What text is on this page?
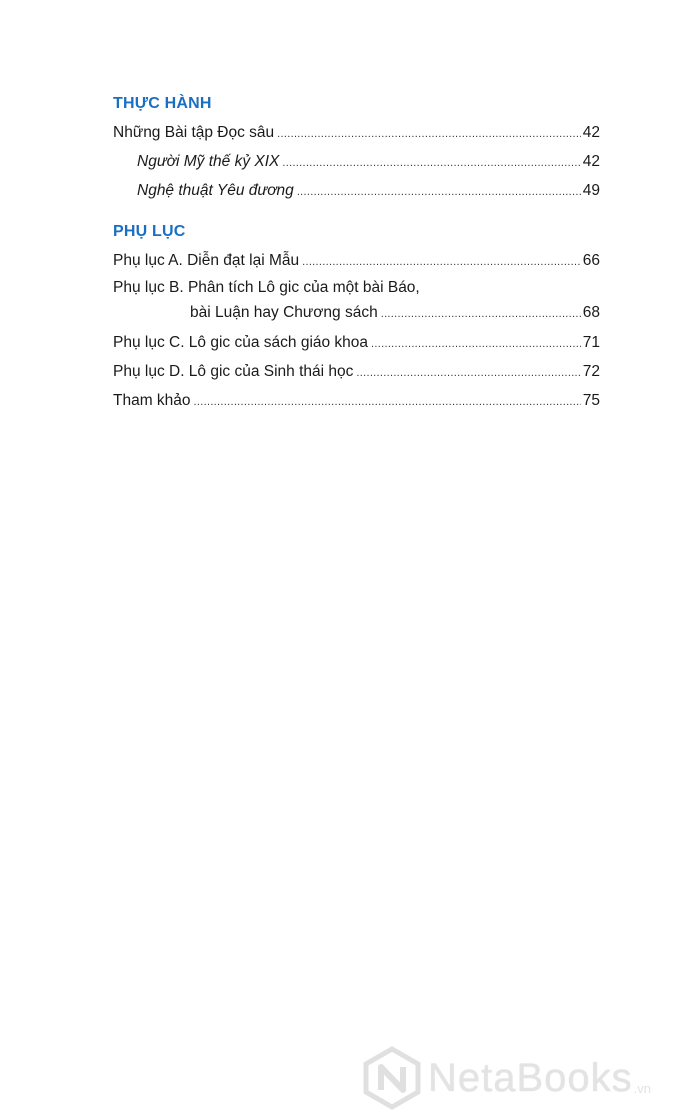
THỰC HÀNH
Những Bài tập Đọc sâu .....	42
Người Mỹ thế kỷ XIX .....	42
Nghệ thuật Yêu đương .....	49
PHỤ LỤC
Phụ lục A. Diễn đạt lại Mẫu .....	66
Phụ lục B. Phân tích Lô gic của một bài Báo,
bài Luận hay Chương sách .....	68
Phụ lục C. Lô gic của sách giáo khoa .....	71
Phụ lục D. Lô gic của Sinh thái học .....	72
Tham khảo .....	75
NetaBooks .vn
